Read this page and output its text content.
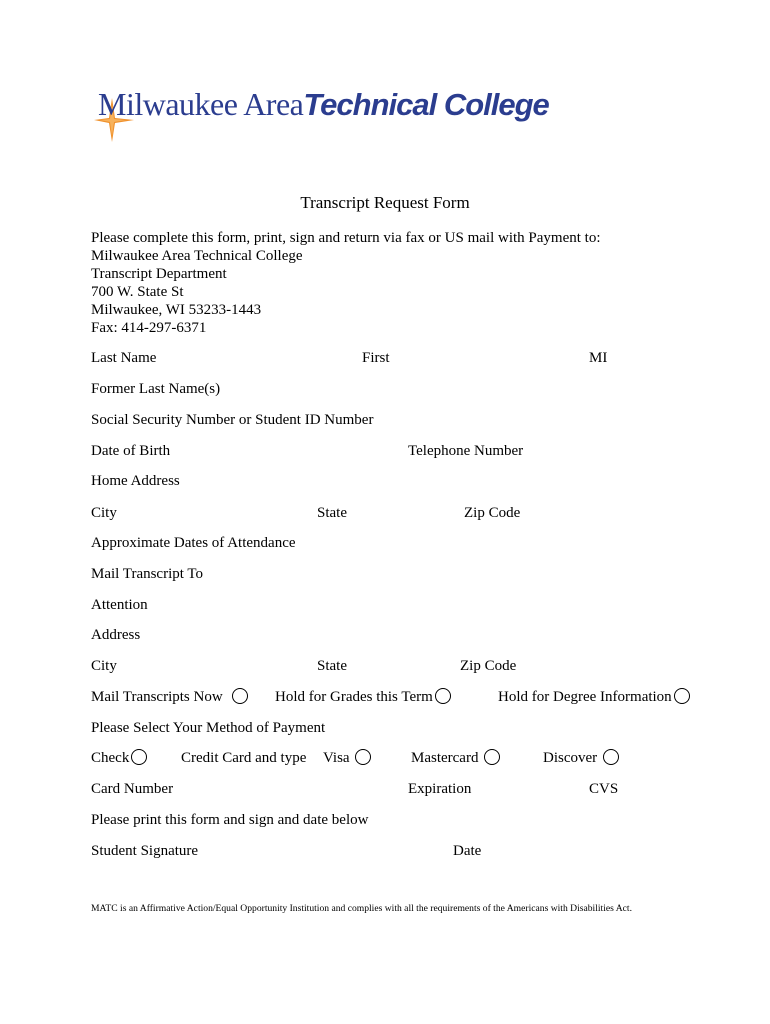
Milwaukee AreaTechnical College
Transcript Request Form
Please complete this form, print, sign and return via fax or US mail with Payment to:
Milwaukee Area Technical College
Transcript Department
700 W. State St
Milwaukee, WI 53233-1443
Fax: 414-297-6371
Last Name	First	MI
Former Last Name(s)
Social Security Number or Student ID Number
Date of Birth	Telephone Number
Home Address
City	State	Zip Code
Approximate Dates of Attendance
Mail Transcript To
Attention
Address
City	State	Zip Code
Mail Transcripts Now	Hold for Grades this Term	Hold for Degree Information
Please Select Your Method of Payment
Check	Credit Card and type Visa	Mastercard	Discover
Card Number	Expiration	CVS
Please print this form and sign and date below
Student Signature	Date
MATC is an Affirmative Action/Equal Opportunity Institution and complies with all the requirements of the Americans with Disabilities Act.
